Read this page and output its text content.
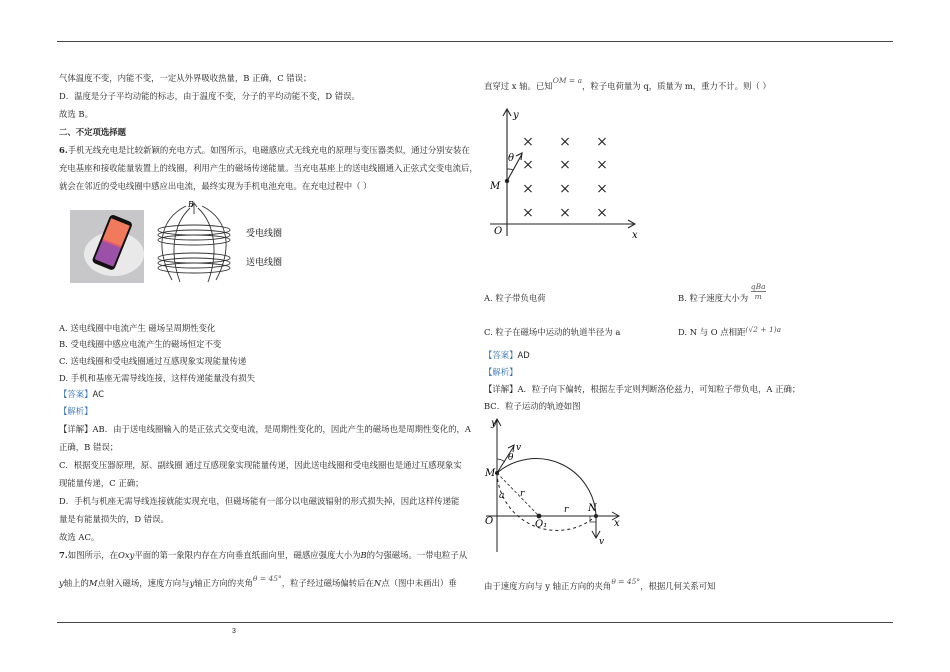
气体温度不变，内能不变，一定从外界吸收热量，B 正确，C 错误；
D．温度是分子平均动能的标志，由于温度不变，分子的平均动能不变，D 错误。
故选 B。
二、不定项选择题
6.手机无线充电是比较新颖的充电方式。如图所示，电磁感应式无线充电的原理与变压器类似，通过分别安装在
充电基座和接收能量装置上的线圈，利用产生的磁场传递能量。当充电基座上的送电线圈通入正弦式交变电流后，
就会在邻近的受电线圈中感应出电流，最终实现为手机电池充电。在充电过程中（ ）
B
受电线圈
送电线圈
A. 送电线圈中电流产生 磁场呈周期性变化
B. 受电线圈中感应电流产生的磁场恒定不变
C. 送电线圈和受电线圈通过互感现象实现能量传递
D. 手机和基座无需导线连接，这样传递能量没有损失
【答案】AC
【解析】
【详解】AB．由于送电线圈输入的是正弦式交变电流，是周期性变化的，因此产生的磁场也是周期性变化的，A
正确，B 错误；
C．根据变压器原理，原、副线圈 通过互感现象实现能量传递，因此送电线圈和受电线圈也是通过互感现象实
现能量传递，C 正确；
D．手机与机座无需导线连接就能实现充电，但磁场能有一部分以电磁波辐射的形式损失掉，因此这样传递能
量是有能量损失的，D 错误。
故选 AC。
7.如图所示，在Oxy平面的第一象限内存在方向垂直纸面向里，磁感应强度大小为B的匀强磁场。一带电粒子从
y轴上的M点射入磁场，速度方向与y轴正方向的夹角θ = 45°，粒子经过磁场偏转后在N点（图中未画出）垂
直穿过 x 轴。已知OM = a，粒子电荷量为 q，质量为 m，重力不计。则（ ）
y
x
O
M
θ
× × ×
× × ×
× × ×
× × ×
A. 粒子带负电荷	B. 粒子速度大小为
qBa
m
C. 粒子在磁场中运动的轨道半径为 a	D. N 与 O 点相距(√2 + 1)a
【答案】AD
【解析】
【详解】A．粒子向下偏转，根据左手定则判断洛伦兹力，可知粒子带负电，A 正确；
BC．粒子运动的轨迹如图
y
x
O	O₁
M
N
v
v
θ
a r
r
由于速度方向与 y 轴正方向的夹角θ = 45°，根据几何关系可知
3
